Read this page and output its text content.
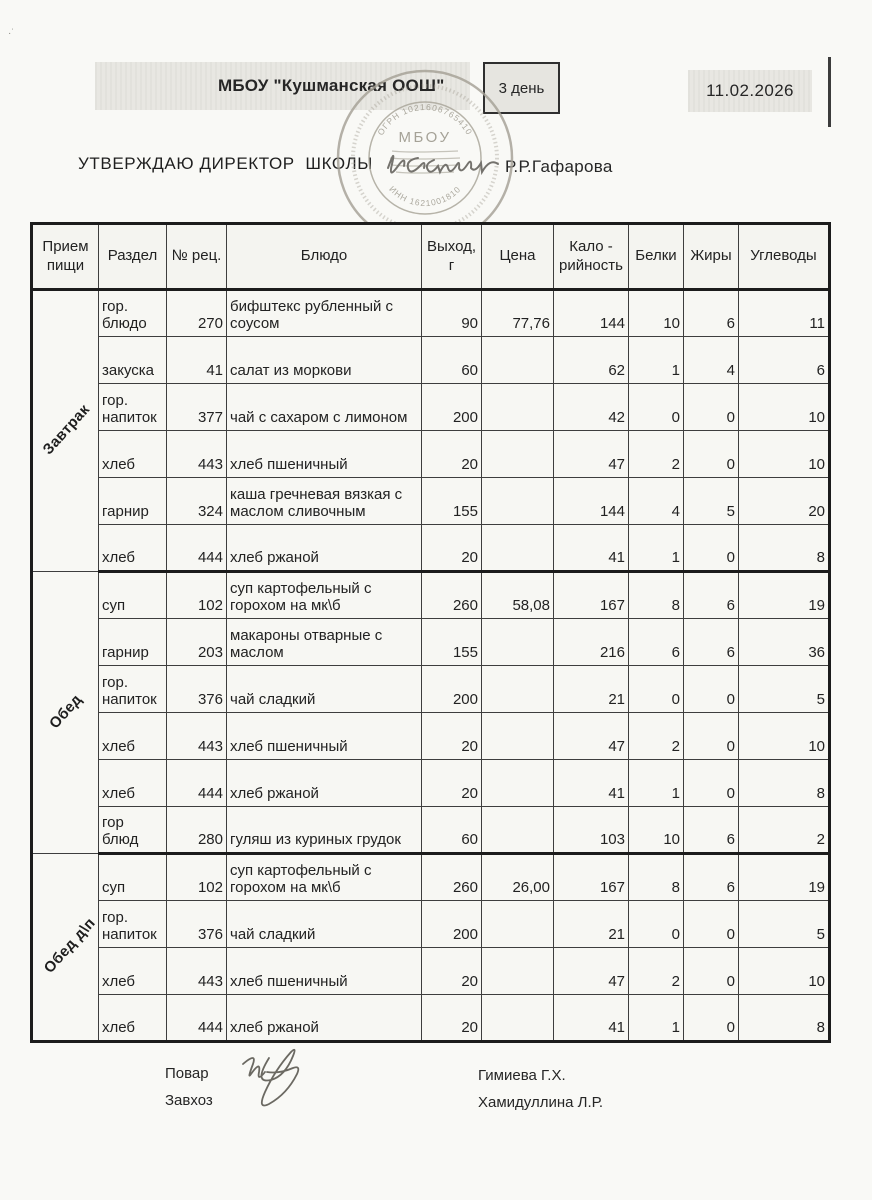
МБОУ "Кушманская ООШ"	3 день	11.02.2026
·˙
УТВЕРЖДАЮ ДИРЕКТОР  ШКОЛЫ	Р.Р.Гафарова
ОГРН 1021606765410
ИНН 1621001810
МБОУ
Прием пищи	Раздел	№ рец.	Блюдо	Выход, г	Цена	Кало - рийность	Белки	Жиры	Углеводы
Завтрак	гор. блюдо	270	бифштекс рубленный с соусом	90	77,76	144	10	6	11
	закуска	41	салат из моркови	60		62	1	4	6
	гор. напиток	377	чай с сахаром с лимоном	200		42	0	0	10
	хлеб	443	хлеб пшеничный	20		47	2	0	10
	гарнир	324	каша гречневая вязкая с маслом сливочным	155		144	4	5	20
	хлеб	444	хлеб ржаной	20		41	1	0	8
Обед	суп	102	суп картофельный с горохом на мк\б	260	58,08	167	8	6	19
	гарнир	203	макароны отварные с маслом	155		216	6	6	36
	гор. напиток	376	чай сладкий	200		21	0	0	5
	хлеб	443	хлеб пшеничный	20		47	2	0	10
	хлеб	444	хлеб ржаной	20		41	1	0	8
	гор блюд	280	гуляш из куриных грудок	60		103	10	6	2
Обед д\п	суп	102	суп картофельный с горохом на мк\б	260	26,00	167	8	6	19
	гор. напиток	376	чай сладкий	200		21	0	0	5
	хлеб	443	хлеб пшеничный	20		47	2	0	10
	хлеб	444	хлеб ржаной	20		41	1	0	8
Повар
Завхоз
Гимиева Г.Х.
Хамидуллина Л.Р.
